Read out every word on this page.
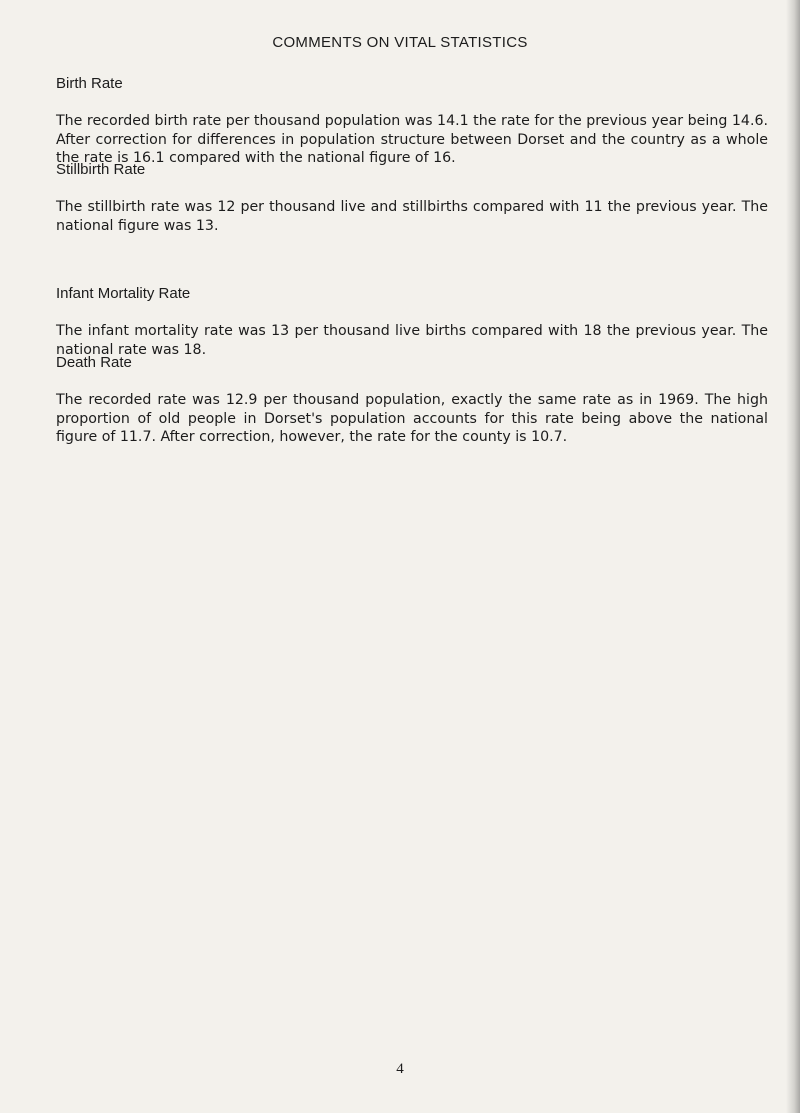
COMMENTS ON VITAL STATISTICS

Birth Rate

The recorded birth rate per thousand population was 14.1 the rate for the previous year being 14.6. After correction for differences in population structure between Dorset and the country as a whole the rate is 16.1 compared with the national figure of 16.

Stillbirth Rate

The stillbirth rate was 12 per thousand live and stillbirths compared with 11 the previous year. The national figure was 13.

Infant Mortality Rate

The infant mortality rate was 13 per thousand live births compared with 18 the previous year. The national rate was 18.

Death Rate

The recorded rate was 12.9 per thousand population, exactly the same rate as in 1969. The high proportion of old people in Dorset's population accounts for this rate being above the national figure of 11.7. After correction, however, the rate for the county is 10.7.

4
